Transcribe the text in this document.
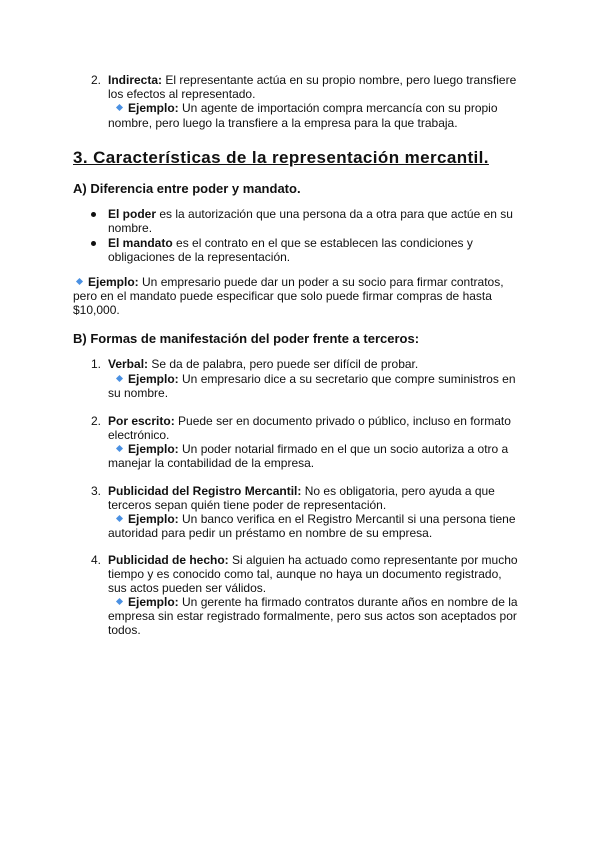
2. Indirecta: El representante actúa en su propio nombre, pero luego transfiere
los efectos al representado.
Ejemplo: Un agente de importación compra mercancía con su propio
nombre, pero luego la transfiere a la empresa para la que trabaja.
3. Características de la representación mercantil.
A) Diferencia entre poder y mandato.
El poder es la autorización que una persona da a otra para que actúe en su
nombre.
El mandato es el contrato en el que se establecen las condiciones y
obligaciones de la representación.
Ejemplo: Un empresario puede dar un poder a su socio para firmar contratos,
pero en el mandato puede especificar que solo puede firmar compras de hasta
$10,000.
B) Formas de manifestación del poder frente a terceros:
1. Verbal: Se da de palabra, pero puede ser difícil de probar.
Ejemplo: Un empresario dice a su secretario que compre suministros en
su nombre.
2. Por escrito: Puede ser en documento privado o público, incluso en formato
electrónico.
Ejemplo: Un poder notarial firmado en el que un socio autoriza a otro a
manejar la contabilidad de la empresa.
3. Publicidad del Registro Mercantil: No es obligatoria, pero ayuda a que
terceros sepan quién tiene poder de representación.
Ejemplo: Un banco verifica en el Registro Mercantil si una persona tiene
autoridad para pedir un préstamo en nombre de su empresa.
4. Publicidad de hecho: Si alguien ha actuado como representante por mucho
tiempo y es conocido como tal, aunque no haya un documento registrado,
sus actos pueden ser válidos.
Ejemplo: Un gerente ha firmado contratos durante años en nombre de la
empresa sin estar registrado formalmente, pero sus actos son aceptados por
todos.
